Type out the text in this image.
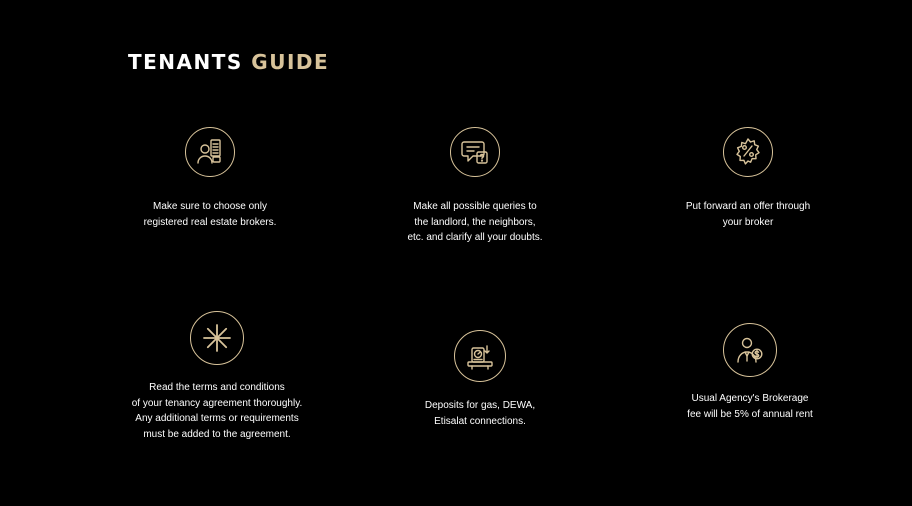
TENANTS GUIDE
Make sure to choose only
registered real estate brokers.
Make all possible queries to
the landlord, the neighbors,
etc. and clarify all your doubts.
Put forward an offer through
your broker
Read the terms and conditions
of your tenancy agreement thoroughly.
Any additional terms or requirements
must be added to the agreement.
Deposits for gas, DEWA,
Etisalat connections.
Usual Agency's Brokerage
fee will be 5% of annual rent
